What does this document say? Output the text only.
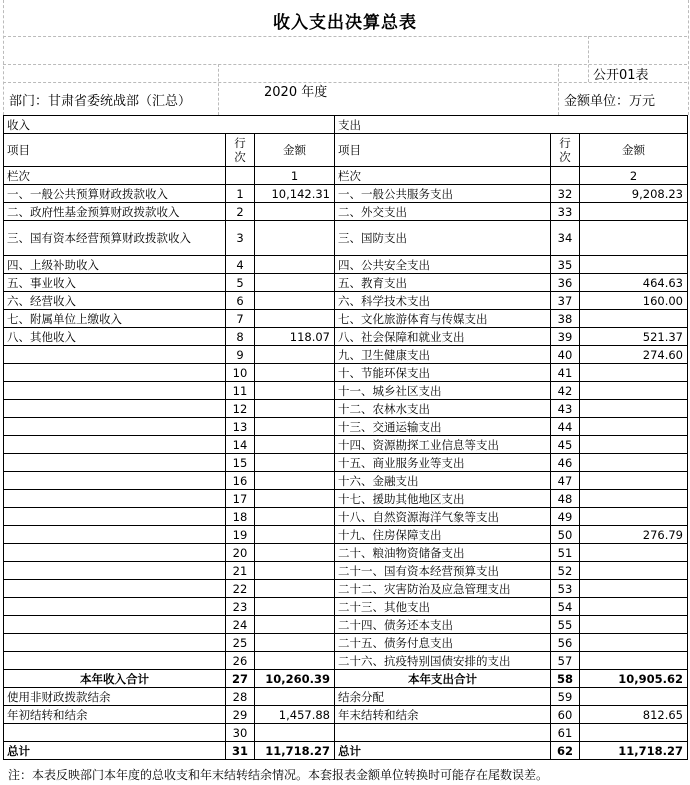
收入支出决算总表
公开01表
部门：甘肃省委统战部（汇总）
2020 年度
金额单位：万元
收入			支出		
项目	行次	金额	项目	行次	金额
栏次		1	栏次		2
一、一般公共预算财政拨款收入	1	10,142.31	一、一般公共服务支出	32	9,208.23
二、政府性基金预算财政拨款收入	2		二、外交支出	33	
三、国有资本经营预算财政拨款收入	3		三、国防支出	34	
四、上级补助收入	4		四、公共安全支出	35	
五、事业收入	5		五、教育支出	36	464.63
六、经营收入	6		六、科学技术支出	37	160.00
七、附属单位上缴收入	7		七、文化旅游体育与传媒支出	38	
八、其他收入	8	118.07	八、社会保障和就业支出	39	521.37
	9		九、卫生健康支出	40	274.60
	10		十、节能环保支出	41	
	11		十一、城乡社区支出	42	
	12		十二、农林水支出	43	
	13		十三、交通运输支出	44	
	14		十四、资源勘探工业信息等支出	45	
	15		十五、商业服务业等支出	46	
	16		十六、金融支出	47	
	17		十七、援助其他地区支出	48	
	18		十八、自然资源海洋气象等支出	49	
	19		十九、住房保障支出	50	276.79
	20		二十、粮油物资储备支出	51	
	21		二十一、国有资本经营预算支出	52	
	22		二十二、灾害防治及应急管理支出	53	
	23		二十三、其他支出	54	
	24		二十四、债务还本支出	55	
	25		二十五、债务付息支出	56	
	26		二十六、抗疫特别国债安排的支出	57	
本年收入合计	27	10,260.39	本年支出合计	58	10,905.62
使用非财政拨款结余	28		结余分配	59	
年初结转和结余	29	1,457.88	年末结转和结余	60	812.65
	30			61	
总计	31	11,718.27	总计	62	11,718.27
注：本表反映部门本年度的总收支和年末结转结余情况。本套报表金额单位转换时可能存在尾数误差。
